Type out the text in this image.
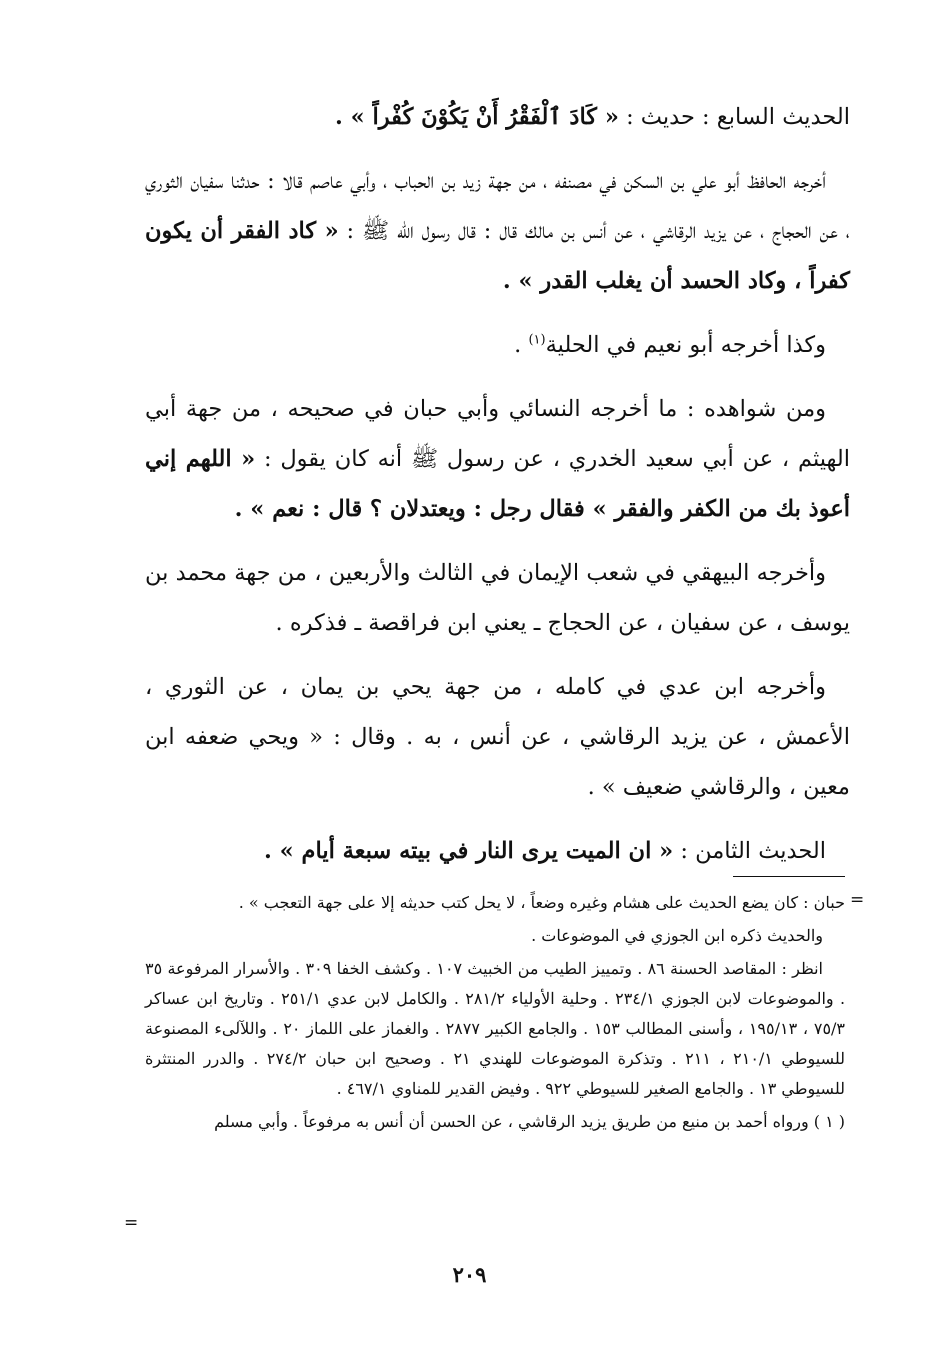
الحديث السابع : حديث : « كَادَ ٱلْفَقْرُ أَنْ يَكُوْنَ كُفْراً » .

أخرجه الحافظ أبو علي بن السكن في مصنفه ، من جهة زيد بن الحباب ، وأبي عاصم قالا : حدثنا سفيان الثوري ، عن الحجاج ، عن يزيد الرقاشي ، عن أنس بن مالك قال : قال رسول الله ﷺ : « كاد الفقر أن يكون كفراً ، وكاد الحسد أن يغلب القدر » .

وكذا أخرجه أبو نعيم في الحلية$^{(١)}$ .

ومن شواهده : ما أخرجه النسائي وأبي حبان في صحيحه ، من جهة أبي الهيثم ، عن أبي سعيد الخدري ، عن رسول ﷺ أنه كان يقول : « اللهم إني أعوذ بك من الكفر والفقر » فقال رجل : ويعتدلان ؟ قال : نعم » .

وأخرجه البيهقي في شعب الإيمان في الثالث والأربعين ، من جهة محمد بن يوسف ، عن سفيان ، عن الحجاج ـ يعني ابن فراقصة ـ فذكره .

وأخرجه ابن عدي في كامله ، من جهة يحي بن يمان ، عن الثوري ، الأعمش ، عن يزيد الرقاشي ، عن أنس ، به . وقال : « ويحي ضعفه ابن معين ، والرقاشي ضعيف » .

الحديث الثامن : « ان الميت يرى النار في بيته سبعة أيام » .

=

حبان : كان يضع الحديث على هشام وغيره وضعاً ، لا يحل كتب حديثه إلا على جهة التعجب » .

والحديث ذكره ابن الجوزي في الموضوعات .

انظر : المقاصد الحسنة ٨٦ . وتمييز الطيب من الخبيث ١٠٧ . وكشف الخفا ٣٠٩ . والأسرار المرفوعة ٣٥ . والموضوعات لابن الجوزي ٢٣٤/١ . وحلية الأولياء ٢٨١/٢ . والكامل لابن عدي ٢٥١/١ . وتاريخ ابن عساكر ٧٥/٣ ، ١٩٥/١٣ ، وأسنى المطالب ١٥٣ . والجامع الكبير ٢٨٧٧ . والغماز على اللماز ٢٠ . واللآلىء المصنوعة للسيوطي ٢١٠/١ ، ٢١١ . وتذكرة الموضوعات للهندي ٢١ . وصحيح ابن حبان ٢٧٤/٢ . والدرر المنتثرة للسيوطي ١٣ . والجامع الصغير للسيوطي ٩٢٢ . وفيض القدير للمناوي ٤٦٧/١ .

( ١ ) ورواه أحمد بن منيع من طريق يزيد الرقاشي ، عن الحسن أن أنس به مرفوعاً . وأبي مسلم

=
٢٠٩
